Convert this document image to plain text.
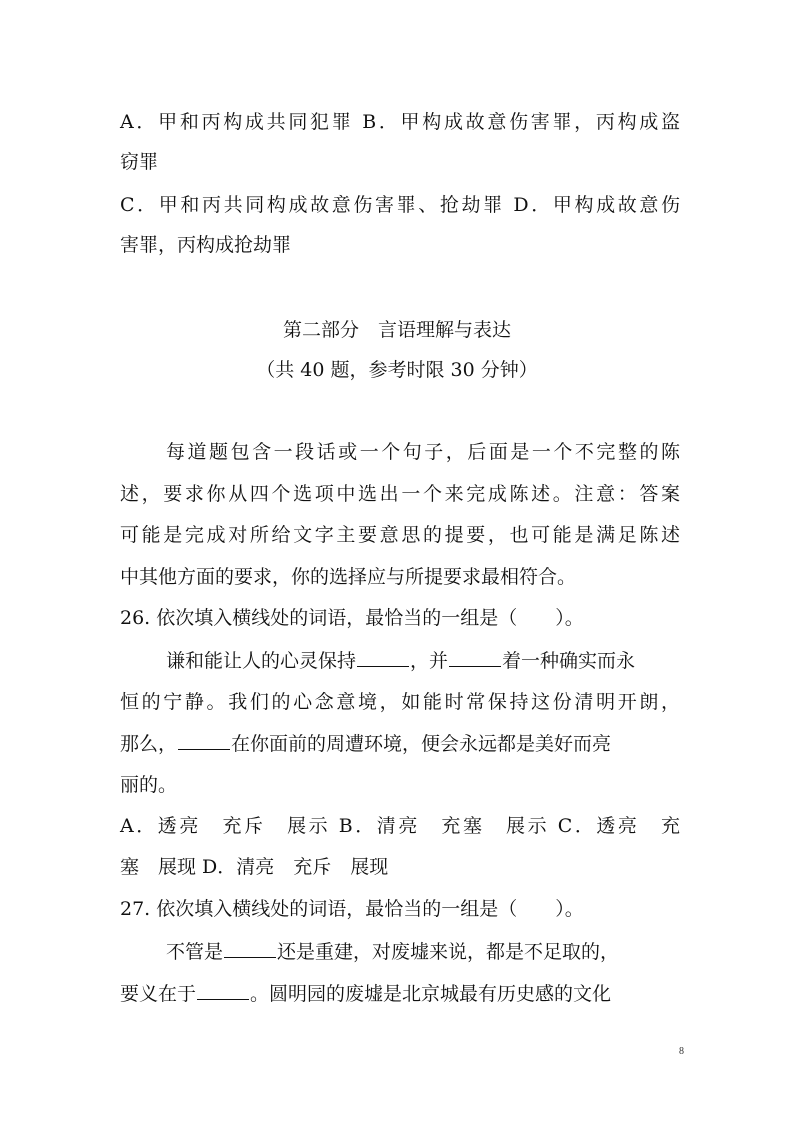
A．甲和丙构成共同犯罪 B．甲构成故意伤害罪，丙构成盗
窃罪
C．甲和丙共同构成故意伤害罪、抢劫罪 D．甲构成故意伤
害罪，丙构成抢劫罪
第二部分　言语理解与表达
（共 40 题，参考时限 30 分钟）
每道题包含一段话或一个句子，后面是一个不完整的陈
述，要求你从四个选项中选出一个来完成陈述。注意：答案
可能是完成对所给文字主要意思的提要，也可能是满足陈述
中其他方面的要求，你的选择应与所提要求最相符合。
26. 依次填入横线处的词语，最恰当的一组是（　　）。
谦和能让人的心灵保持	，并	着一种确实而永
恒的宁静。我们的心念意境，如能时常保持这份清明开朗，
那么，	在你面前的周遭环境，便会永远都是美好而亮
丽的。
A．透亮　充斥　展示 B．清亮　充塞　展示 C．透亮　充
塞　展现 D．清亮　充斥　展现
27. 依次填入横线处的词语，最恰当的一组是（　　）。
不管是	还是重建，对废墟来说，都是不足取的，
要义在于	。圆明园的废墟是北京城最有历史感的文化
8
